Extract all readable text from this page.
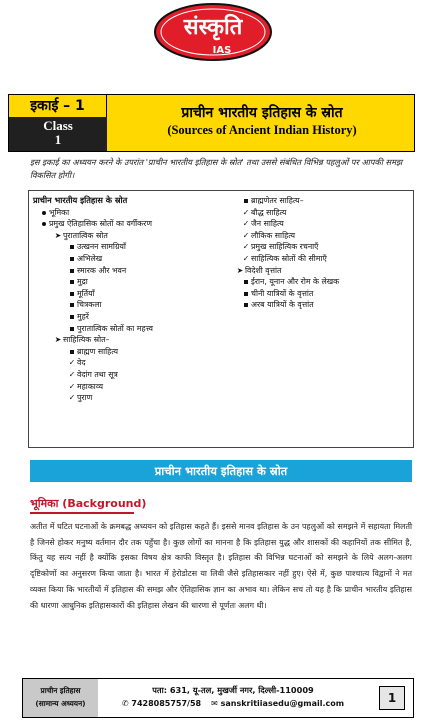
संस्कृति
IAS
इकाई – 1
Class
1
प्राचीन भारतीय इतिहास के स्रोत
(Sources of Ancient Indian History)
इस इकाई का अध्ययन करने के उपरांत 'प्राचीन भारतीय इतिहास के स्रोत' तथा उससे संबंधित विभिन्न पहलुओं पर आपकी समझ विकसित होगी।
प्राचीन भारतीय इतिहास के स्रोत
भूमिका
प्रमुख ऐतिहासिक स्रोतों का वर्गीकरण
➤ पुरातात्विक स्रोत
उत्खनन सामग्रियाँ
अभिलेख
स्मारक और भवन
मुद्रा
मूर्तियाँ
चित्रकला
मुहरें
पुरातात्विक स्रोतों का महत्त्व
➤ साहित्यिक स्रोत–
ब्राह्मण साहित्य
✓ वेद
✓ वेदांग तथा सूत्र
✓ महाकाव्य
✓ पुराण
ब्राह्मणेतर साहित्य–
✓ बौद्ध साहित्य
✓ जैन साहित्य
✓ लौकिक साहित्य
✓ प्रमुख साहित्यिक रचनाएँ
✓ साहित्यिक स्रोतों की सीमाएँ
➤ विदेशी वृत्तांत
ईरान, यूनान और रोम के लेखक
चीनी यात्रियों के वृत्तांत
अरब यात्रियों के वृत्तांत
प्राचीन भारतीय इतिहास के स्रोत
भूमिका (Background)
अतीत में घटित घटनाओं के क्रमबद्ध अध्ययन को इतिहास कहते हैं। इससे मानव इतिहास के उन पहलुओं को समझने में सहायता मिलती है जिनसे होकर मनुष्य वर्तमान दौर तक पहुँचा है। कुछ लोगों का मानना है कि इतिहास युद्ध और शासकों की कहानियों तक सीमित है, किंतु यह सत्य नहीं है क्योंकि इसका विषय क्षेत्र काफी विस्तृत है। इतिहास की विभिन्न घटनाओं को समझने के लिये अलग-अलग दृष्टिकोणों का अनुसरण किया जाता है। भारत में हेरोडोटस या लिवी जैसे इतिहासकार नहीं हुए। ऐसे में, कुछ पाश्चात्य विद्वानों ने मत व्यक्त किया कि भारतीयों में इतिहास की समझ और ऐतिहासिक ज्ञान का अभाव था। लेकिन सच तो यह है कि प्राचीन भारतीय इतिहास की धारणा आधुनिक इतिहासकारों की इतिहास लेखन की धारणा से पूर्णतः अलग थी।
प्राचीन इतिहास
(सामान्य अध्ययन)
पता: 631, यू-तल, मुखर्जी नगर, दिल्ली-110009
✆ 7428085757/58 ✉ sanskritiiasedu@gmail.com	1
